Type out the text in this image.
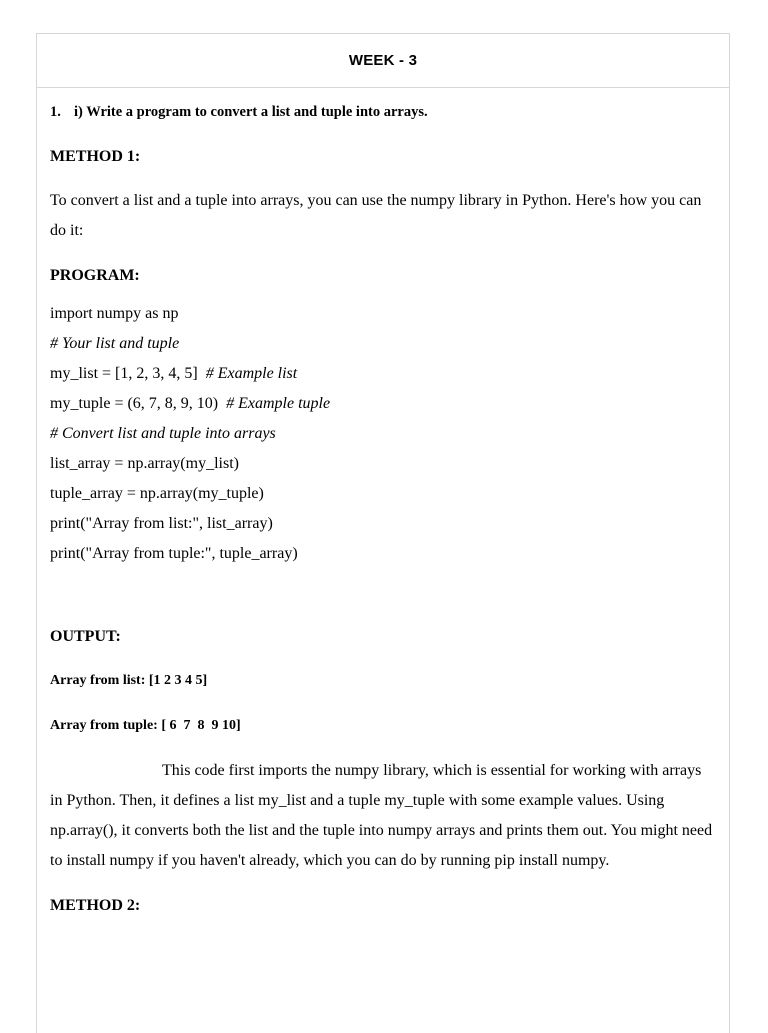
WEEK - 3
1. i) Write a program to convert a list and tuple into arrays.
METHOD 1:
To convert a list and a tuple into arrays, you can use the numpy library in Python. Here's how you can do it:
PROGRAM:
import numpy as np
# Your list and tuple
my_list = [1, 2, 3, 4, 5]  # Example list
my_tuple = (6, 7, 8, 9, 10)  # Example tuple
# Convert list and tuple into arrays
list_array = np.array(my_list)
tuple_array = np.array(my_tuple)
print("Array from list:", list_array)
print("Array from tuple:", tuple_array)
OUTPUT:
Array from list: [1 2 3 4 5]
Array from tuple: [ 6  7  8  9 10]
This code first imports the numpy library, which is essential for working with arrays in Python. Then, it defines a list my_list and a tuple my_tuple with some example values. Using np.array(), it converts both the list and the tuple into numpy arrays and prints them out. You might need to install numpy if you haven't already, which you can do by running pip install numpy.
METHOD 2:
